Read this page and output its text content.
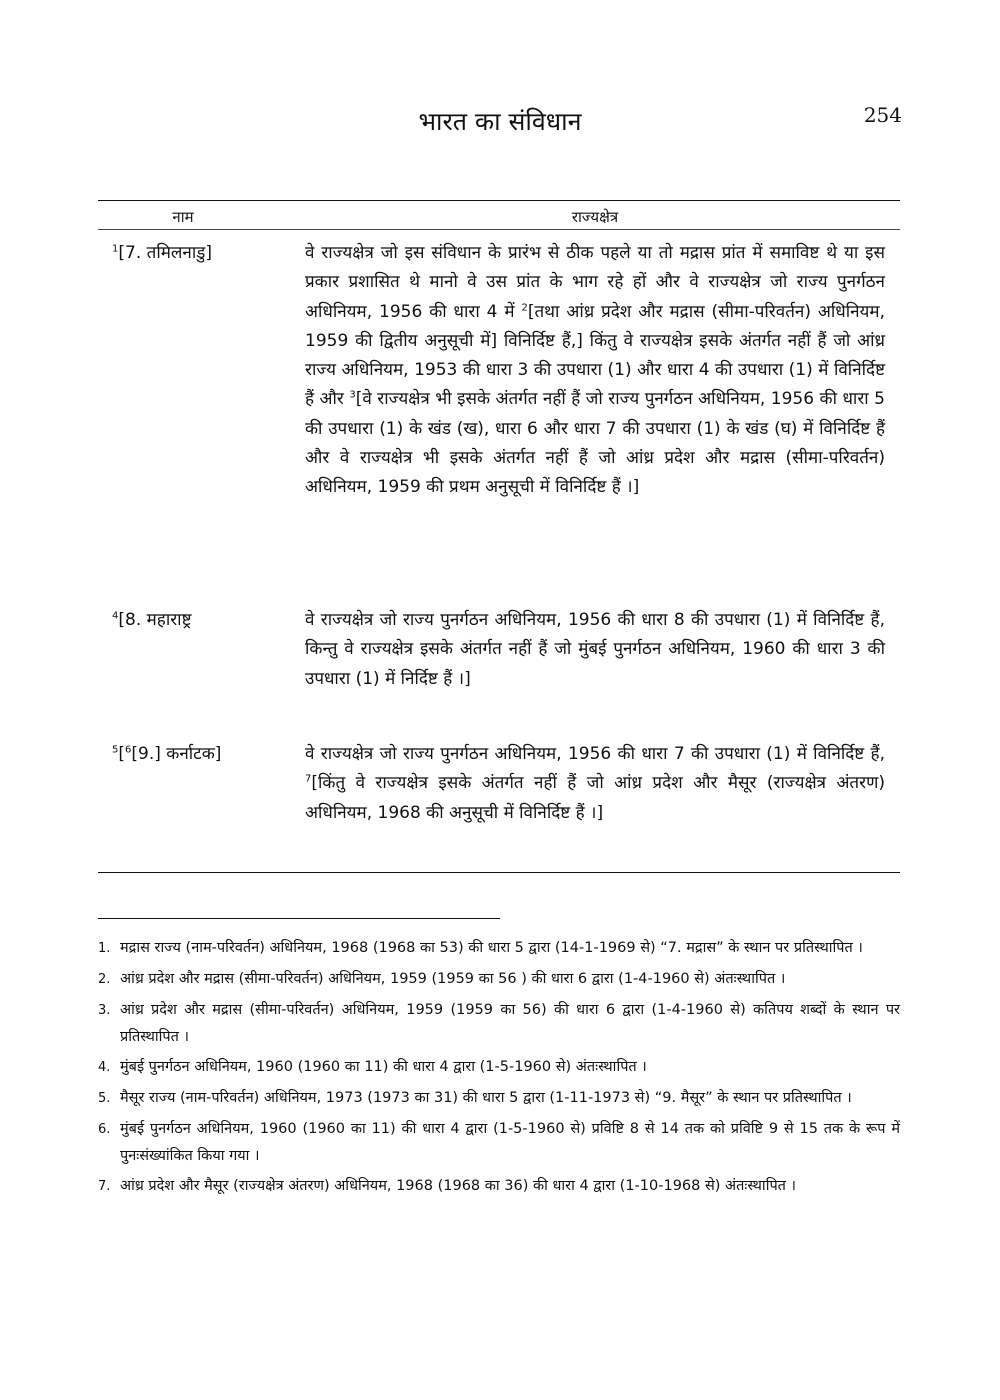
भारत का संविधान	254
नाम	राज्यक्षेत्र
$^1$[7. तमिलनाडु]	वे राज्यक्षेत्र जो इस संविधान के प्रारंभ से ठीक पहले या तो मद्रास प्रांत में समाविष्ट थे या इस प्रकार प्रशासित थे मानो वे उस प्रांत के भाग रहे हों और वे राज्यक्षेत्र जो राज्य पुनर्गठन अधिनियम, 1956 की धारा 4 में $^2$[तथा आंध्र प्रदेश और मद्रास (सीमा-परिवर्तन) अधिनियम, 1959 की द्वितीय अनुसूची में] विनिर्दिष्ट हैं,] किंतु वे राज्यक्षेत्र इसके अंतर्गत नहीं हैं जो आंध्र राज्य अधिनियम, 1953 की धारा 3 की उपधारा (1) और धारा 4 की उपधारा (1) में विनिर्दिष्ट हैं और $^3$[वे राज्यक्षेत्र भी इसके अंतर्गत नहीं हैं जो राज्य पुनर्गठन अधिनियम, 1956 की धारा 5 की उपधारा (1) के खंड (ख), धारा 6 और धारा 7 की उपधारा (1) के खंड (घ) में विनिर्दिष्ट हैं और वे राज्यक्षेत्र भी इसके अंतर्गत नहीं हैं जो आंध्र प्रदेश और मद्रास (सीमा-परिवर्तन) अधिनियम, 1959 की प्रथम अनुसूची में विनिर्दिष्ट हैं ।]
$^4$[8. महाराष्ट्र	वे राज्यक्षेत्र जो राज्य पुनर्गठन अधिनियम, 1956 की धारा 8 की उपधारा (1) में विनिर्दिष्ट हैं, किन्तु वे राज्यक्षेत्र इसके अंतर्गत नहीं हैं जो मुंबई पुनर्गठन अधिनियम, 1960 की धारा 3 की उपधारा (1) में निर्दिष्ट हैं ।]
$^5$[$^6$[9.] कर्नाटक]	वे राज्यक्षेत्र जो राज्य पुनर्गठन अधिनियम, 1956 की धारा 7 की उपधारा (1) में विनिर्दिष्ट हैं, $^7$[किंतु वे राज्यक्षेत्र इसके अंतर्गत नहीं हैं जो आंध्र प्रदेश और मैसूर (राज्यक्षेत्र अंतरण) अधिनियम, 1968 की अनुसूची में विनिर्दिष्ट हैं ।]
1. मद्रास राज्य (नाम-परिवर्तन) अधिनियम, 1968 (1968 का 53) की धारा 5 द्वारा (14-1-1969 से) “7. मद्रास” के स्थान पर प्रतिस्थापित ।
2. आंध्र प्रदेश और मद्रास (सीमा-परिवर्तन) अधिनियम, 1959 (1959 का 56 ) की धारा 6 द्वारा (1-4-1960 से) अंतःस्थापित ।
3. आंध्र प्रदेश और मद्रास (सीमा-परिवर्तन) अधिनियम, 1959 (1959 का 56) की धारा 6 द्वारा (1-4-1960 से) कतिपय शब्दों के स्थान पर प्रतिस्थापित ।
4. मुंबई पुनर्गठन अधिनियम, 1960 (1960 का 11) की धारा 4 द्वारा (1-5-1960 से) अंतःस्थापित ।
5. मैसूर राज्य (नाम-परिवर्तन) अधिनियम, 1973 (1973 का 31) की धारा 5 द्वारा (1-11-1973 से) “9. मैसूर” के स्थान पर प्रतिस्थापित ।
6. मुंबई पुनर्गठन अधिनियम, 1960 (1960 का 11) की धारा 4 द्वारा (1-5-1960 से) प्रविष्टि 8 से 14 तक को प्रविष्टि 9 से 15 तक के रूप में पुनःसंख्यांकित किया गया ।
7. आंध्र प्रदेश और मैसूर (राज्यक्षेत्र अंतरण) अधिनियम, 1968 (1968 का 36) की धारा 4 द्वारा (1-10-1968 से) अंतःस्थापित ।
